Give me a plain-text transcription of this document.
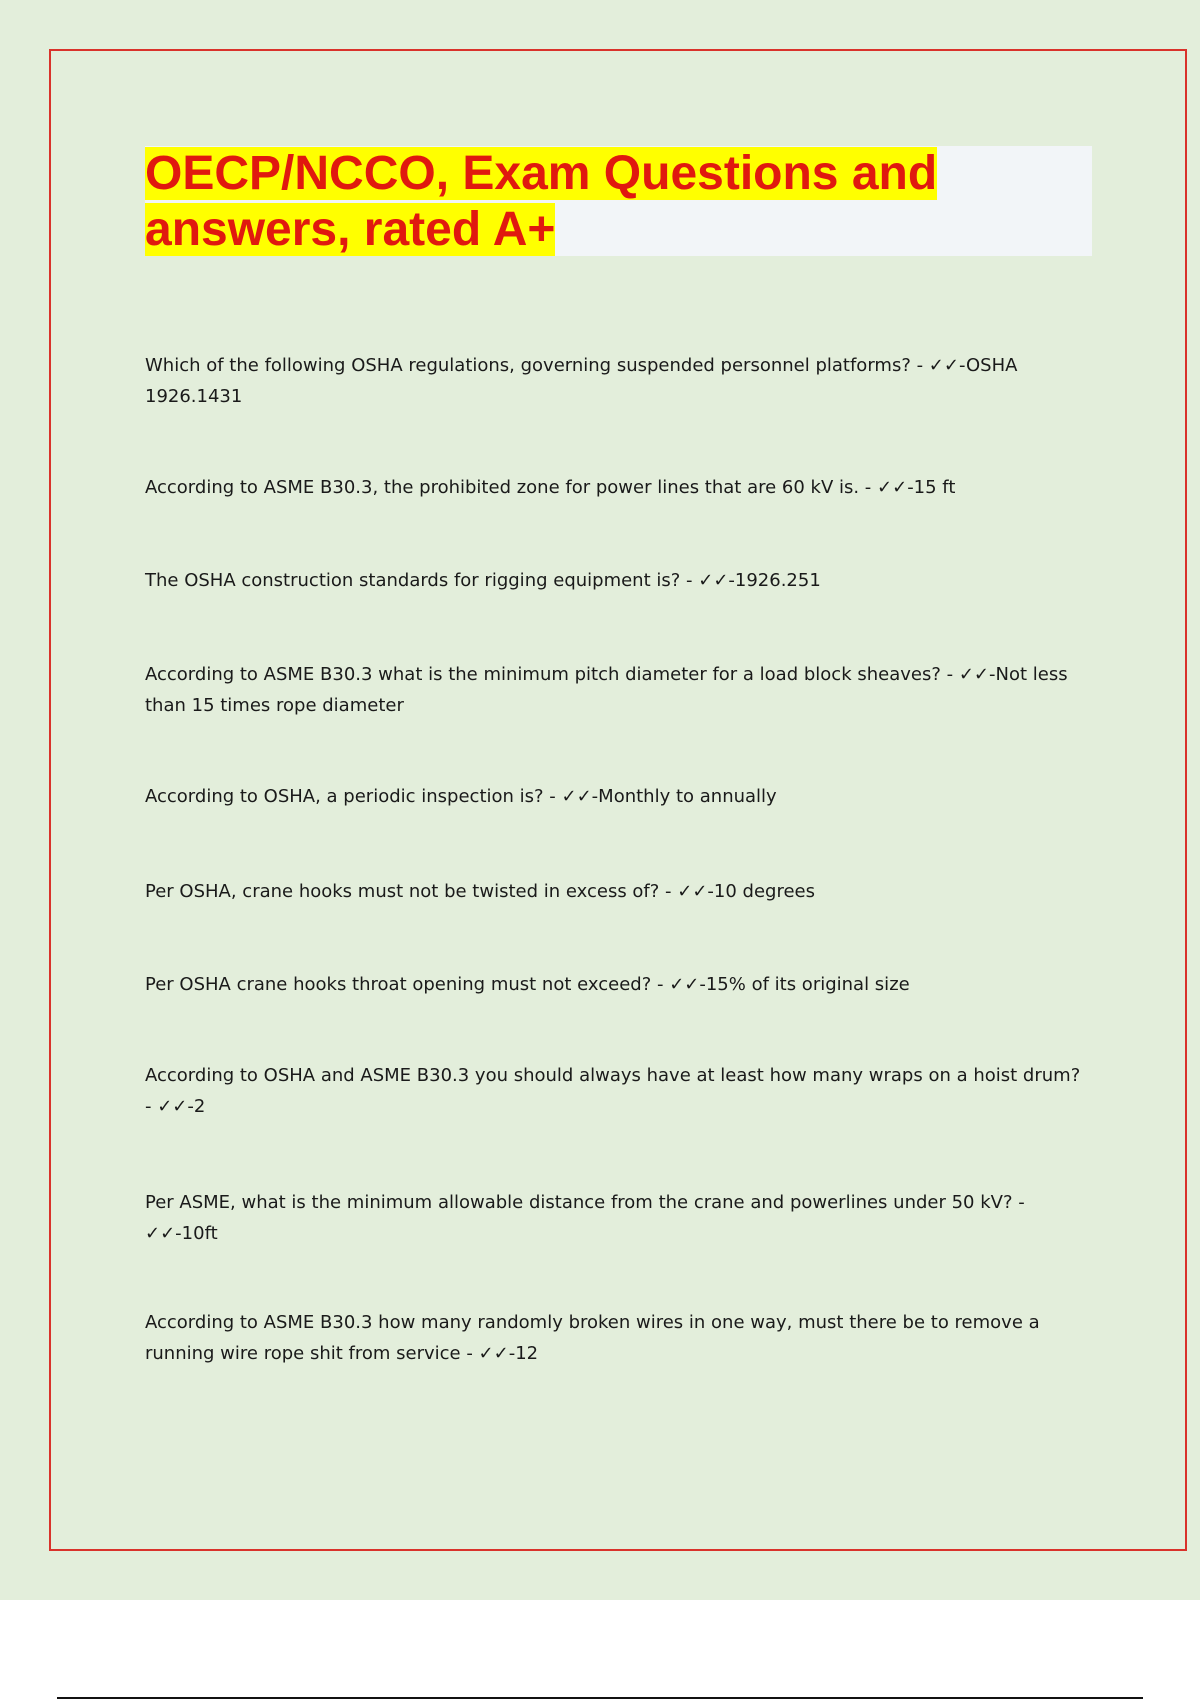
OECP/NCCO, Exam Questions and answers, rated A+

Which of the following OSHA regulations, governing suspended personnel platforms? - ✓✓-OSHA 1926.1431

According to ASME B30.3, the prohibited zone for power lines that are 60 kV is. - ✓✓-15 ft

The OSHA construction standards for rigging equipment is? - ✓✓-1926.251

According to ASME B30.3 what is the minimum pitch diameter for a load block sheaves? - ✓✓-Not less than 15 times rope diameter

According to OSHA, a periodic inspection is? - ✓✓-Monthly to annually

Per OSHA, crane hooks must not be twisted in excess of? - ✓✓-10 degrees

Per OSHA crane hooks throat opening must not exceed? - ✓✓-15% of its original size

According to OSHA and ASME B30.3 you should always have at least how many wraps on a hoist drum? - ✓✓-2

Per ASME, what is the minimum allowable distance from the crane and powerlines under 50 kV? - ✓✓-10ft

According to ASME B30.3 how many randomly broken wires in one way, must there be to remove a running wire rope shit from service - ✓✓-12
